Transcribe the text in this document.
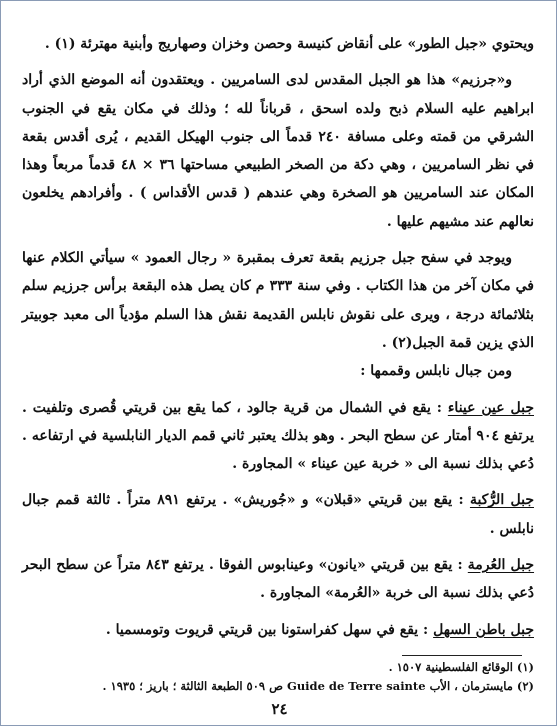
ويحتوي «جبل الطور» على أنقاض كنيسة وحصن وخزان وصهاريج وأبنية مهترئة (١) .

و«جرزيم» هذا هو الجبل المقدس لدى السامريين . ويعتقدون أنه الموضع الذي أراد ابراهيم عليه السلام ذبح ولده اسحق ، قرباناً لله ؛ وذلك في مكان يقع في الجنوب الشرقي من قمته وعلى مسافة ٢٤٠ قدماً الى جنوب الهيكل القديم ، يُرى أقدس بقعة في نظر السامريين ، وهي دكة من الصخر الطبيعي مساحتها ٣٦ × ٤٨ قدماً مربعاً وهذا المكان عند السامريين هو الصخرة وهي عندهم ( قدس الأقداس ) . وأفرادهم يخلعون نعالهم عند مشيهم عليها .

ويوجد في سفح جبل جرزيم بقعة تعرف بمقبرة « رجال العمود » سيأتي الكلام عنها في مكان آخر من هذا الكتاب . وفي سنة ٣٣٣ م كان يصل هذه البقعة برأس جرزيم سلم بثلاثمائة درجة ، ويرى على نقوش نابلس القديمة نقش هذا السلم مؤدياً الى معبد جوبيتر الذي يزين قمة الجبل(٢) .

ومن جبال نابلس وقممها :

جبل عين عيناء : يقع في الشمال من قرية جالود ، كما يقع بين قريتي قُصرى وتلفيت . يرتفع ٩٠٤ أمتار عن سطح البحر . وهو بذلك يعتبر ثاني قمم الديار النابلسية في ارتفاعه . دُعي بذلك نسبة الى « خربة عين عيناء » المجاورة .

جبل الرُّكبة : يقع بين قريتي «قبلان» و «جُوريش» . يرتفع ٨٩١ متراً . ثالثة قمم جبال نابلس .

جبل العُرمة : يقع بين قريتي «يانون» وعينابوس الفوقا . يرتفع ٨٤٣ متراً عن سطح البحر دُعي بذلك نسبة الى خربة «العُرمة» المجاورة .

جبل باطن السهل : يقع في سهل كفراستونا بين قريتي قريوت وتومسميا .

(١) الوقائع الفلسطينية ١٥٠٧ .
(٢) مايسترمان ، الأب Guide de Terre sainte ص ٥٠٩ الطبعة الثالثة ؛ باريز ؛ ١٩٣٥ .
٢٤
